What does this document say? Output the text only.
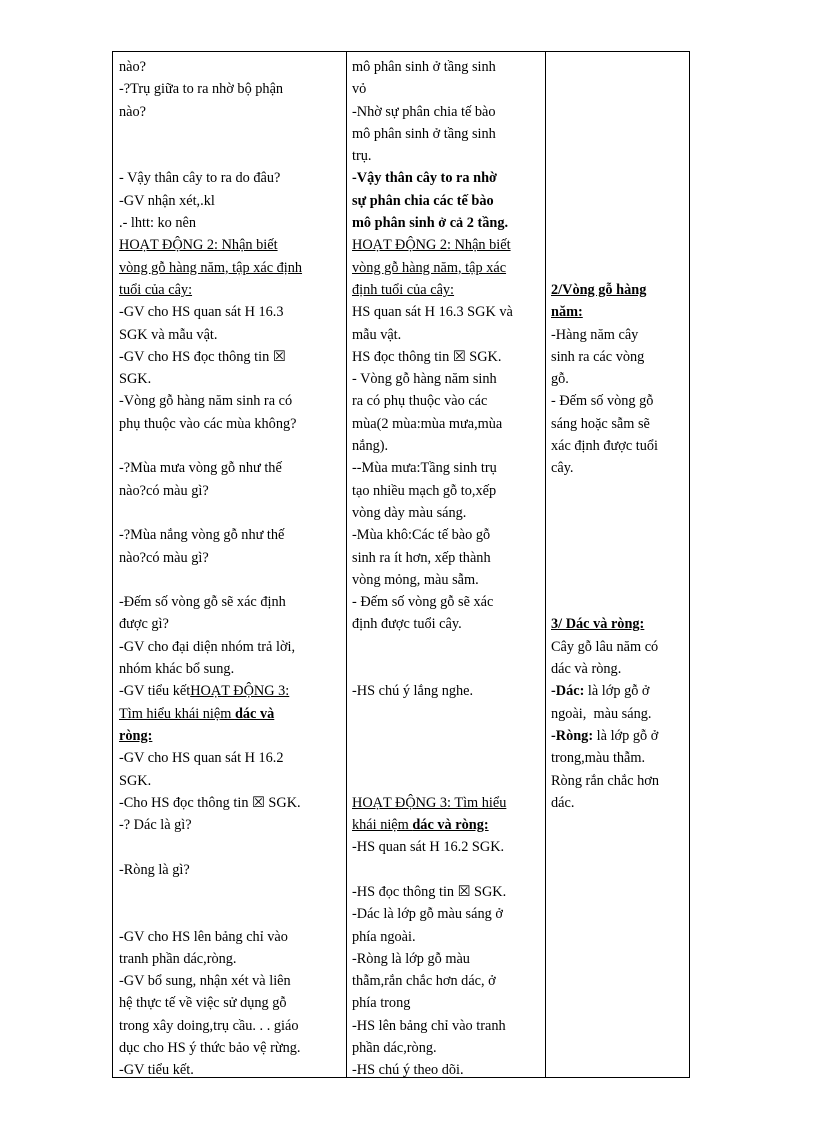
nào?
-?Trụ giữa to ra nhờ bộ phận
nào?
- Vậy thân cây to ra do đâu?
-GV nhận xét,.kl
.- lhtt: ko nên
HOẠT ĐỘNG 2: Nhận biết
vòng gỗ hàng năm, tập xác định
tuổi của cây:
-GV cho HS quan sát H 16.3
SGK và mẫu vật.
-GV cho HS đọc thông tin ☒
SGK.
-Vòng gỗ hàng năm sinh ra có
phụ thuộc vào các mùa không?
-?Mùa mưa vòng gỗ như thế
nào?có màu gì?
-?Mùa nắng vòng gỗ như thế
nào?có màu gì?
-Đếm số vòng gỗ sẽ xác định
được gì?
-GV cho đại diện nhóm trả lời,
nhóm khác bổ sung.
-GV tiểu kếtHOẠT ĐỘNG 3:
Tìm hiểu khái niệm dác và
ròng:
-GV cho HS quan sát H 16.2
SGK.
-Cho HS đọc thông tin ☒ SGK.
-? Dác là gì?
-Ròng là gì?
-GV cho HS lên bảng chỉ vào
tranh phần dác,ròng.
-GV bổ sung, nhận xét và liên
hệ thực tế về việc sử dụng gỗ
trong xây doing,trụ cầu. . . giáo
dục cho HS ý thức bảo vệ rừng.
-GV tiểu kết.
mô phân sinh ở tầng sinh
vỏ
-Nhờ sự phân chia tế bào
mô phân sinh ở tầng sinh
trụ.
-Vậy thân cây to ra nhờ
sự phân chia các tế bào
mô phân sinh ở cả 2 tầng.
HOẠT ĐỘNG 2: Nhận biết
vòng gỗ hàng năm, tập xác
định tuổi của cây:
HS quan sát H 16.3 SGK và
mẫu vật.
HS đọc thông tin ☒ SGK.
- Vòng gỗ hàng năm sinh
ra có phụ thuộc vào các
mùa(2 mùa:mùa mưa,mùa
nắng).
--Mùa mưa:Tầng sinh trụ
tạo nhiều mạch gỗ to,xếp
vòng dày màu sáng.
-Mùa khô:Các tế bào gỗ
sinh ra ít hơn, xếp thành
vòng mỏng, màu sẫm.
- Đếm số vòng gỗ sẽ xác
định được tuổi cây.
-HS chú ý lắng nghe.
HOẠT ĐỘNG 3: Tìm hiểu
khái niệm dác và ròng:
-HS quan sát H 16.2 SGK.
-HS đọc thông tin ☒ SGK.
-Dác là lớp gỗ màu sáng ở
phía ngoài.
-Ròng là lớp gỗ màu
thẫm,rắn chắc hơn dác, ở
phía trong
-HS lên bảng chỉ vào tranh
phần dác,ròng.
-HS chú ý theo dõi.
2/Vòng gỗ hàng
năm:
-Hàng năm cây
sinh ra các vòng
gỗ.
- Đếm số vòng gỗ
sáng hoặc sẫm sẽ
xác định được tuổi
cây.
3/ Dác và ròng:
Cây gỗ lâu năm có
dác và ròng.
-Dác: là lớp gỗ ở
ngoài,  màu sáng.
-Ròng: là lớp gỗ ở
trong,màu thẫm.
Ròng rắn chắc hơn
dác.
